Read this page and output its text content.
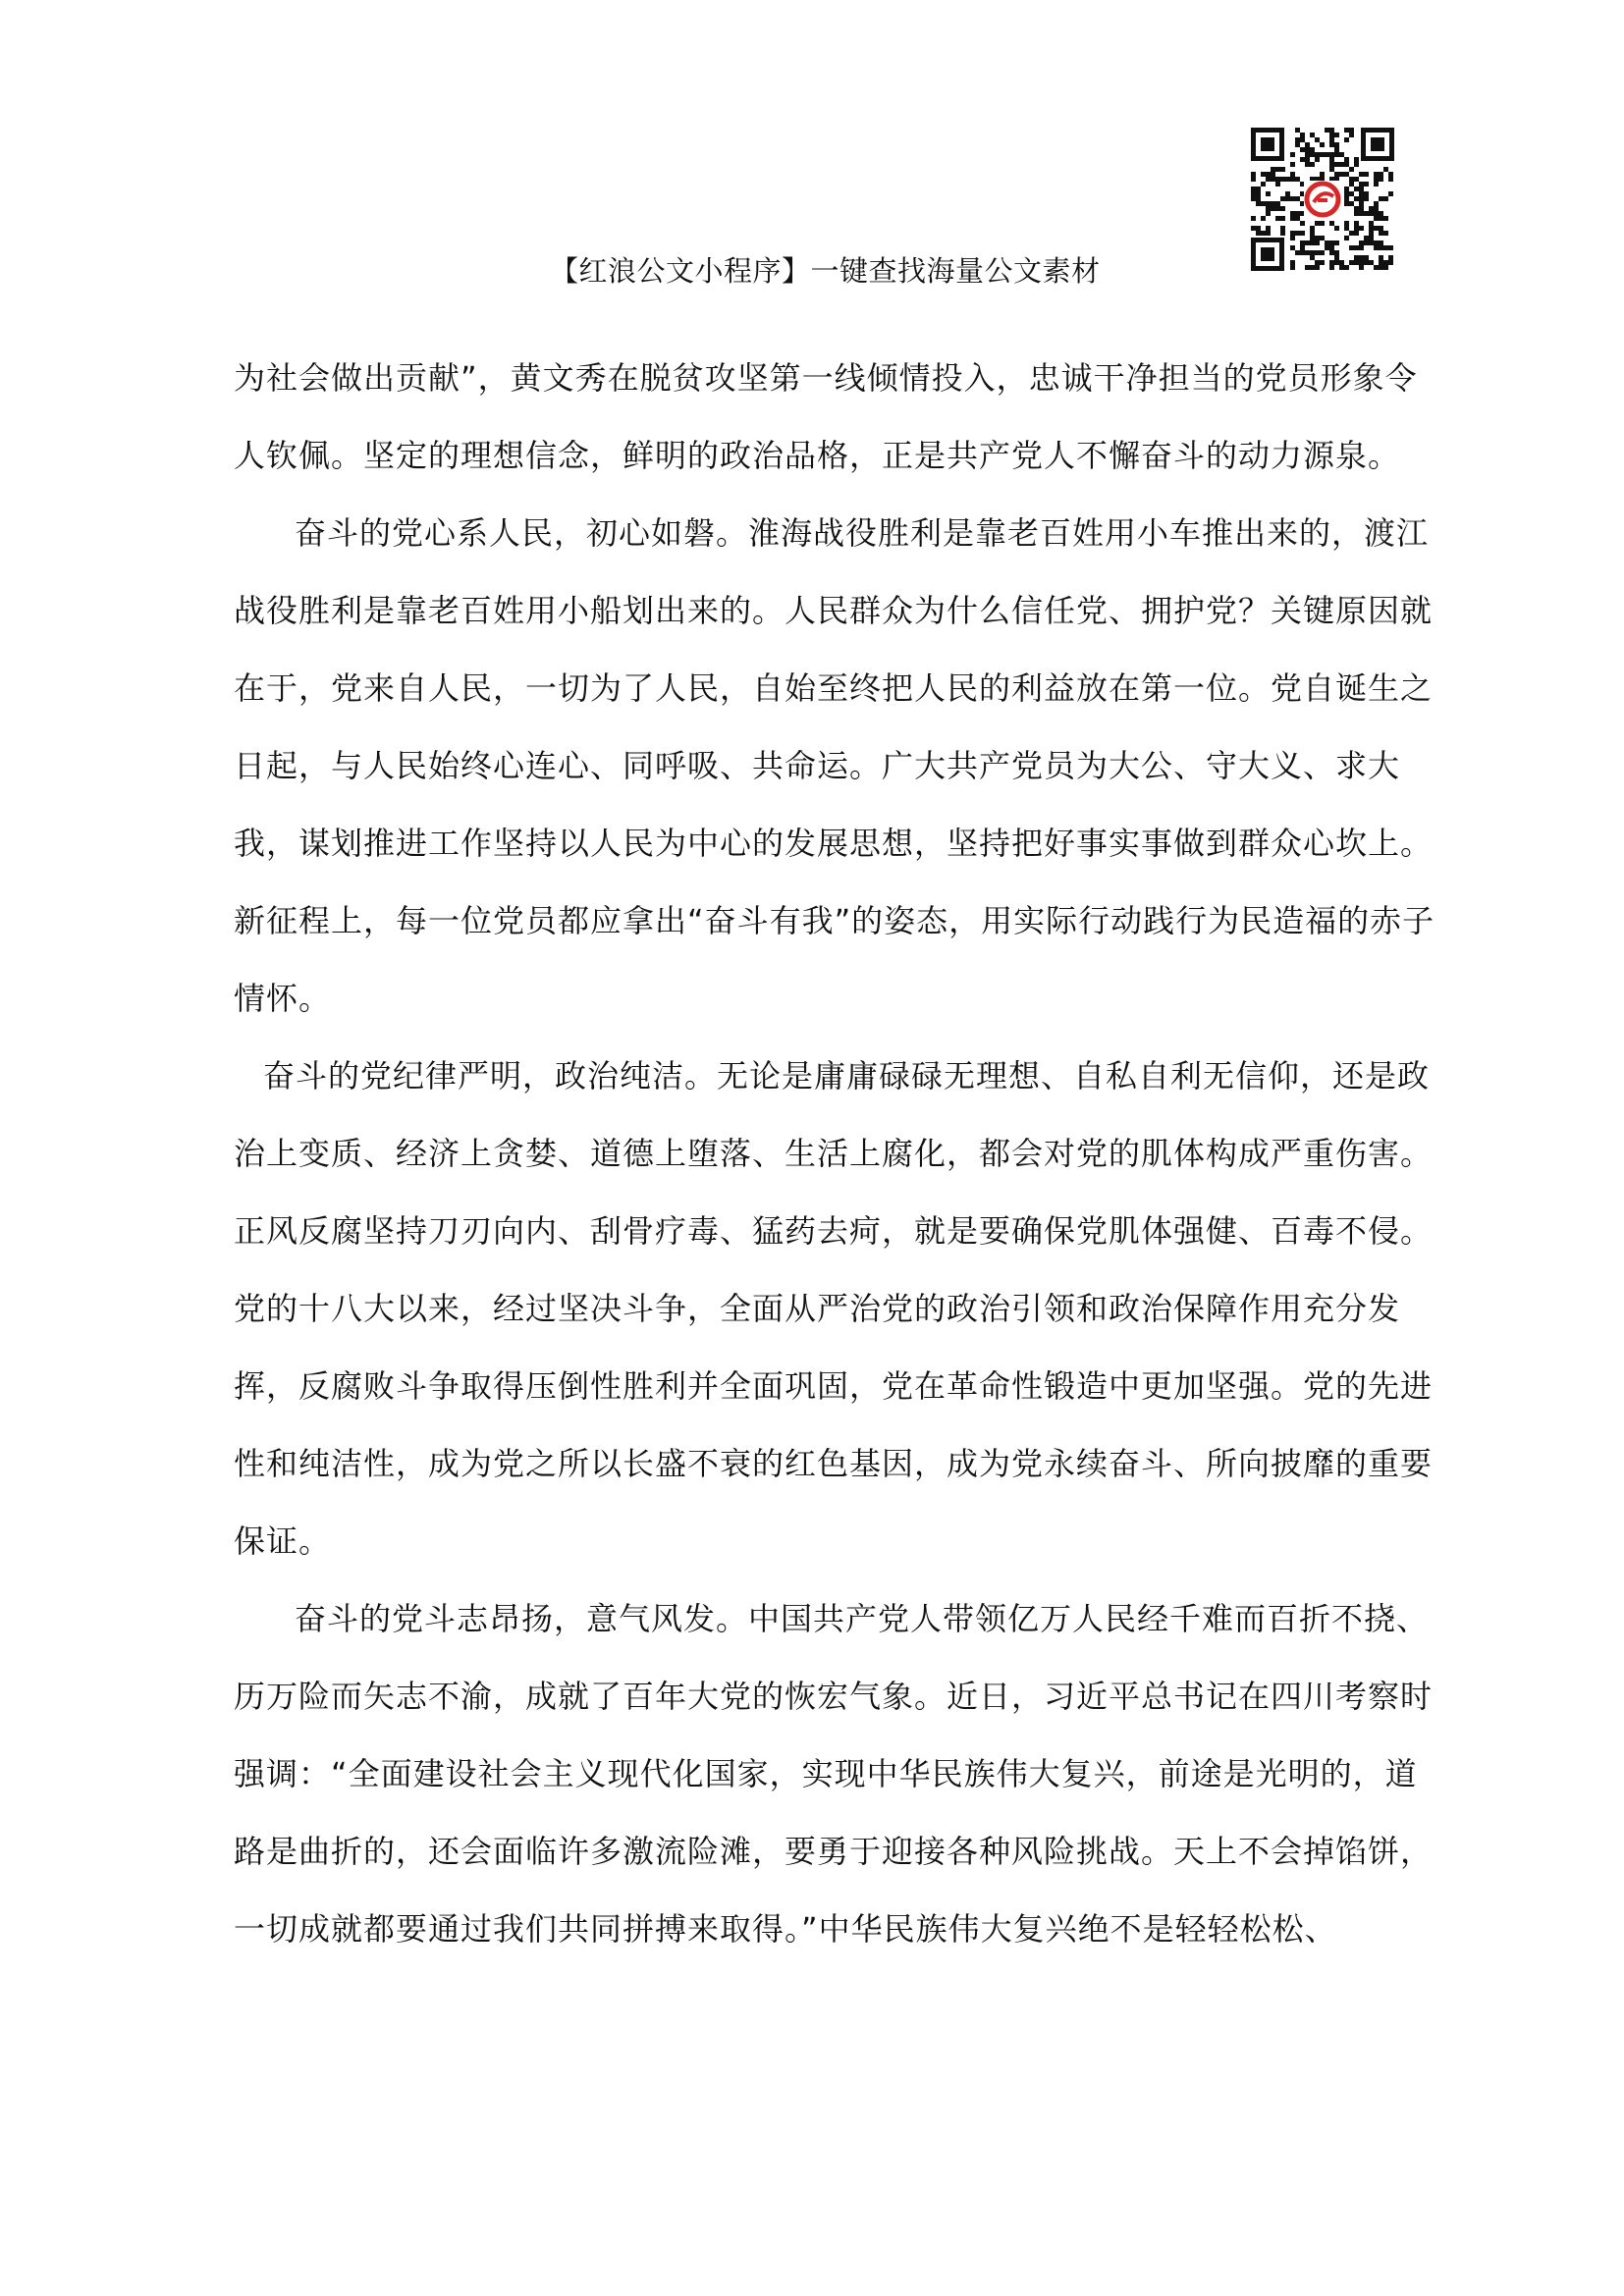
【红浪公文小程序】一键查找海量公文素材

为社会做出贡献”，黄文秀在脱贫攻坚第一线倾情投入，忠诚干净担当的党员形象令人钦佩。坚定的理想信念，鲜明的政治品格，正是共产党人不懈奋斗的动力源泉。

奋斗的党心系人民，初心如磐。淮海战役胜利是靠老百姓用小车推出来的，渡江战役胜利是靠老百姓用小船划出来的。人民群众为什么信任党、拥护党？关键原因就在于，党来自人民，一切为了人民，自始至终把人民的利益放在第一位。党自诞生之日起，与人民始终心连心、同呼吸、共命运。广大共产党员为大公、守大义、求大我，谋划推进工作坚持以人民为中心的发展思想，坚持把好事实事做到群众心坎上。新征程上，每一位党员都应拿出“奋斗有我”的姿态，用实际行动践行为民造福的赤子情怀。

奋斗的党纪律严明，政治纯洁。无论是庸庸碌碌无理想、自私自利无信仰，还是政治上变质、经济上贪婪、道德上堕落、生活上腐化，都会对党的肌体构成严重伤害。正风反腐坚持刀刃向内、刮骨疗毒、猛药去疴，就是要确保党肌体强健、百毒不侵。党的十八大以来，经过坚决斗争，全面从严治党的政治引领和政治保障作用充分发挥，反腐败斗争取得压倒性胜利并全面巩固，党在革命性锻造中更加坚强。党的先进性和纯洁性，成为党之所以长盛不衰的红色基因，成为党永续奋斗、所向披靡的重要保证。

奋斗的党斗志昂扬，意气风发。中国共产党人带领亿万人民经千难而百折不挠、历万险而矢志不渝，成就了百年大党的恢宏气象。近日，习近平总书记在四川考察时强调：“全面建设社会主义现代化国家，实现中华民族伟大复兴，前途是光明的，道路是曲折的，还会面临许多激流险滩，要勇于迎接各种风险挑战。天上不会掉馅饼，一切成就都要通过我们共同拼搏来取得。”中华民族伟大复兴绝不是轻轻松松、
